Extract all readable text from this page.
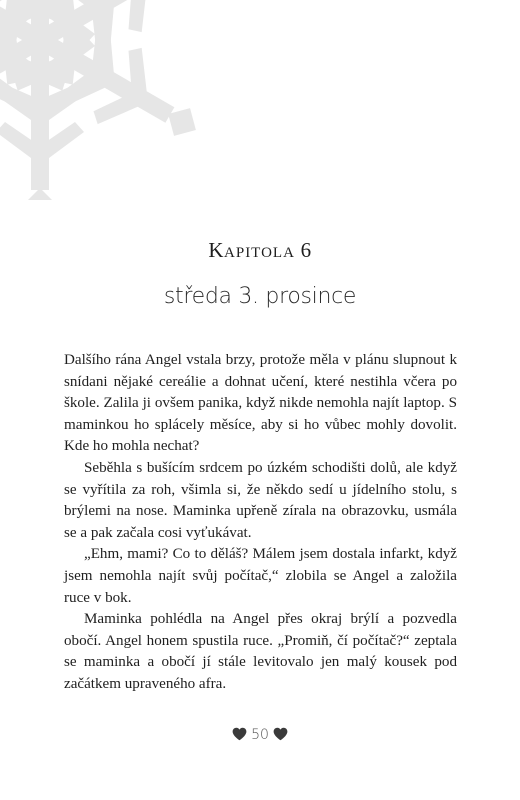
KAPITOLA 6
středa 3. prosince

Dalšího rána Angel vstala brzy, protože měla v plánu slupnout k snídani nějaké cereálie a dohnat učení, které nestihla včera po škole. Zalila ji ovšem panika, když nikde nemohla najít laptop. S maminkou ho splácely měsíce, aby si ho vůbec mohly dovolit. Kde ho mohla nechat?

Seběhla s bušícím srdcem po úzkém schodišti dolů, ale když se vyřítila za roh, všimla si, že někdo sedí u jídelního stolu, s brýlemi na nose. Maminka upřeně zírala na obrazovku, usmála se a pak začala cosi vyťukávat.

„Ehm, mami? Co to děláš? Málem jsem dostala infarkt, když jsem nemohla najít svůj počítač,“ zlobila se Angel a založila ruce v bok.

Maminka pohlédla na Angel přes okraj brýlí a pozvedla obočí. Angel honem spustila ruce. „Promiň, čí počítač?“ zeptala se maminka a obočí jí stále levitovalo jen malý kousek pod začátkem upraveného afra.

50
